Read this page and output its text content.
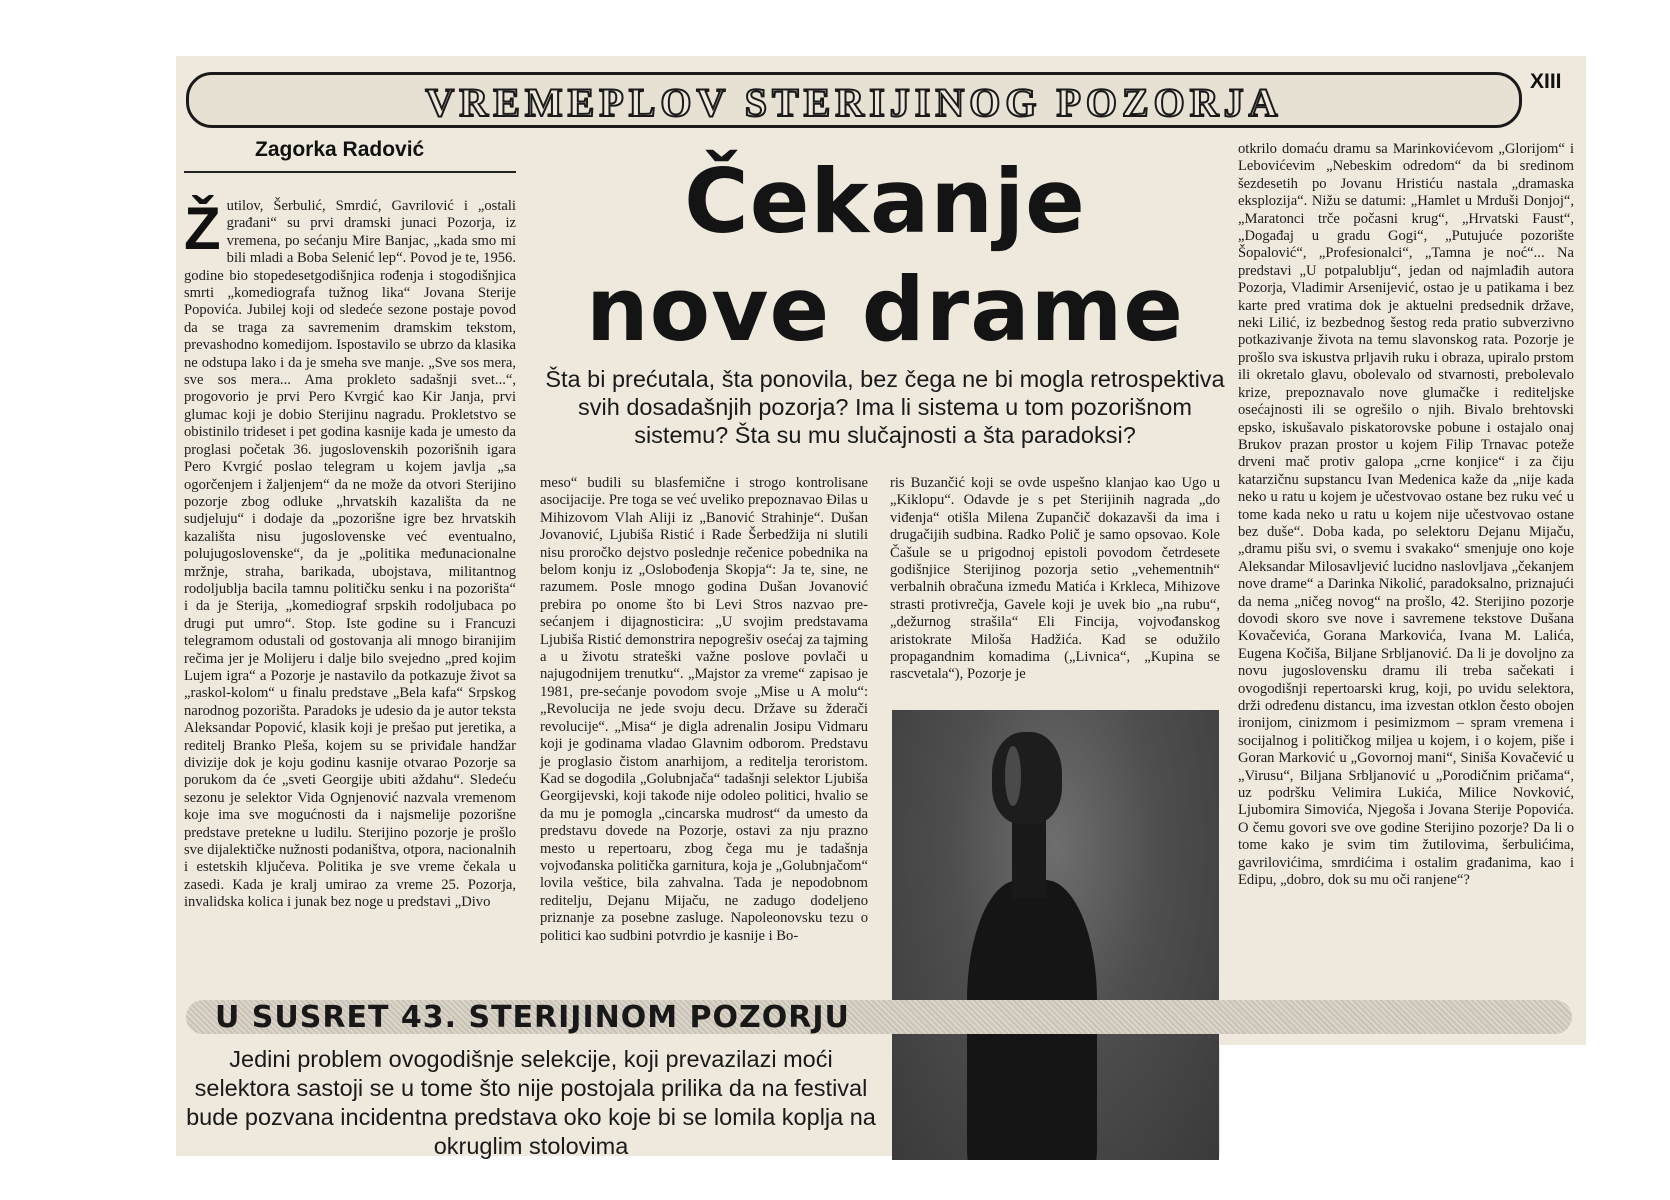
VREMEPLOV STERIJINOG POZORJA	XIII
Zagorka Radović
Ž utilov, Šerbulić, Smrdić, Gavrilović i „ostali građani“ su prvi dramski junaci Pozorja, iz vremena, po sećanju Mire Banjac, „kada smo mi bili mladi a Boba Selenić lep“. Povod je te, 1956. godine bio stopedesetgodišnjica rođenja i stogodišnjica smrti „komediografa tužnog lika“ Jovana Sterije Popovića. Jubilej koji od sledeće sezone postaje povod da se traga za savremenim dramskim tekstom, prevashodno komedijom. Ispostavilo se ubrzo da klasika ne odstupa lako i da je smeha sve manje. „Sve sos mera, sve sos mera... Ama prokleto sadašnji svet...“, progovorio je prvi Pero Kvrgić kao Kir Janja, prvi glumac koji je dobio Sterijinu nagradu. Prokletstvo se obistinilo trideset i pet godina kasnije kada je umesto da proglasi početak 36. jugoslovenskih pozorišnih igara Pero Kvrgić poslao telegram u kojem javlja „sa ogorčenjem i žaljenjem“ da ne može da otvori Sterijino pozorje zbog odluke „hrvatskih kazališta da ne sudjeluju“ i dodaje da „pozorišne igre bez hrvatskih kazališta nisu jugoslovenske već eventualno, polujugoslovenske“, da je „politika međunacionalne mržnje, straha, barikada, ubojstava, militantnog rodoljublja bacila tamnu političku senku i na pozorišta“ i da je Sterija, „komediograf srpskih rodoljubaca po drugi put umro“. Stop. Iste godine su i Francuzi telegramom odustali od gostovanja ali mnogo biranijim rečima jer je Molijeru i dalje bilo svejedno „pred kojim Lujem igra“ a Pozorje je nastavilo da potkazuje život sa „raskol-kolom“ u finalu predstave „Bela kafa“ Srpskog narodnog pozorišta. Paradoks je udesio da je autor teksta Aleksandar Popović, klasik koji je prešao put jeretika, a reditelj Branko Pleša, kojem su se priviđale handžar divizije dok je koju godinu kasnije otvarao Pozorje sa porukom da će „sveti Georgije ubiti aždahu“. Sledeću sezonu je selektor Vida Ognjenović nazvala vremenom koje ima sve mogućnosti da i najsmelije pozorišne predstave pretekne u ludilu. Sterijino pozorje je prošlo sve dijalektičke nužnosti podaništva, otpora, nacionalnih i estetskih ključeva. Politika je sve vreme čekala u zasedi. Kada je kralj umirao za vreme 25. Pozorja, invalidska kolica i junak bez noge u predstavi „Divo
Čekanje
nove drame
Šta bi prećutala, šta ponovila, bez čega ne bi mogla retrospektiva svih dosadašnjih pozorja? Ima li sistema u tom pozorišnom sistemu? Šta su mu slučajnosti a šta paradoksi?
meso“ budili su blasfemične i strogo kontrolisane asocijacije. Pre toga se već uveliko prepoznavao Đilas u Mihizovom Vlah Aliji iz „Banović Strahinje“. Dušan Jovanović, Ljubiša Ristić i Rade Šerbedžija ni slutili nisu proročko dejstvo poslednje rečenice pobednika na belom konju iz „Oslobođenja Skopja“: Ja te, sine, ne razumem. Posle mnogo godina Dušan Jovanović prebira po onome što bi Levi Stros nazvao pre-sećanjem i dijagnosticira: „U svojim predstavama Ljubiša Ristić demonstrira nepogrešiv osećaj za tajming a u životu strateški važne poslove povlači u najugodnijem trenutku“. „Majstor za vreme“ zapisao je 1981, pre-sećanje povodom svoje „Mise u A molu“: „Revolucija ne jede svoju decu. Države su žderači revolucije“. „Misa“ je digla adrenalin Josipu Vidmaru koji je godinama vladao Glavnim odborom. Predstavu je proglasio čistom anarhijom, a reditelja teroristom. Kad se dogodila „Golubnjača“ tadašnji selektor Ljubiša Georgijevski, koji takođe nije odoleo politici, hvalio se da mu je pomogla „cincarska mudrost“ da umesto da predstavu dovede na Pozorje, ostavi za nju prazno mesto u repertoaru, zbog čega mu je tadašnja vojvođanska politička garnitura, koja je „Golubnjačom“ lovila veštice, bila zahvalna. Tada je nepodobnom reditelju, Dejanu Mijaču, ne zadugo dodeljeno priznanje za posebne zasluge. Napoleonovsku tezu o politici kao sudbini potvrdio je kasnije i Bo-
ris Buzančić koji se ovde uspešno klanjao kao Ugo u „Kiklopu“. Odavde je s pet Sterijinih nagrada „do viđenja“ otišla Milena Zupančič dokazavši da ima i drugačijih sudbina. Radko Polič je samo opsovao. Kole Čašule se u prigodnoj epistoli povodom četrdesete godišnjice Sterijinog pozorja setio „vehementnih“ verbalnih obračuna između Matića i Krkleca, Mihizove strasti protivrečja, Gavele koji je uvek bio „na rubu“, „dežurnog strašila“ Eli Fincija, vojvođanskog aristokrate Miloša Hadžića. Kad se odužilo propagandnim komadima („Livnica“, „Kupina se rascvetala“), Pozorje je
otkrilo domaću dramu sa Marinkovićevom „Glorijom“ i Lebovićevim „Nebeskim odredom“ da bi sredinom šezdesetih po Jovanu Hristiću nastala „dramaska eksplozija“. Nižu se datumi: „Hamlet u Mrduši Donjoj“, „Maratonci trče počasni krug“, „Hrvatski Faust“, „Događaj u gradu Gogi“, „Putujuće pozorište Šopalović“, „Profesionalci“, „Tamna je noć“... Na predstavi „U potpalublju“, jedan od najmlađih autora Pozorja, Vladimir Arsenijević, ostao je u patikama i bez karte pred vratima dok je aktuelni predsednik države, neki Lilić, iz bezbednog šestog reda pratio subverzivno potkazivanje života na temu slavonskog rata. Pozorje je prošlo sva iskustva prljavih ruku i obraza, upiralo prstom ili okretalo glavu, obolevalo od stvarnosti, prebolevalo krize, prepoznavalo nove glumačke i rediteljske osećajnosti ili se ogrešilo o njih. Bivalo brehtovski epsko, iskušavalo piskatorovske pobune i ostajalo onaj Brukov prazan prostor u kojem Filip Trnavac poteže drveni mač protiv galopa „crne konjice“ i za čiju katarzičnu supstancu Ivan Medenica kaže da „nije kada neko u ratu u kojem je učestvovao ostane bez ruku već u tome kada neko u ratu u kojem nije učestvovao ostane bez duše“. Doba kada, po selektoru Dejanu Mijaču, „dramu pišu svi, o svemu i svakako“ smenjuje ono koje Aleksandar Milosavljević lucidno naslovljava „čekanjem nove drame“ a Darinka Nikolić, paradoksalno, priznajući da nema „ničeg novog“ na prošlo, 42. Sterijino pozorje dovodi skoro sve nove i savremene tekstove Dušana Kovačevića, Gorana Markovića, Ivana M. Lalića, Eugena Kočiša, Biljane Srbljanović. Da li je dovoljno za novu jugoslovensku dramu ili treba sačekati i ovogodišnji repertoarski krug, koji, po uvidu selektora, drži određenu distancu, ima izvestan otklon često obojen ironijom, cinizmom i pesimizmom – spram vremena i socijalnog i političkog milјea u kojem, i o kojem, piše i Goran Marković u „Govornoj mani“, Siniša Kovačević u „Virusu“, Biljana Srbljanović u „Porodičnim pričama“, uz podršku Velimira Lukića, Milice Novković, Ljubomira Simovića, Njegoša i Jovana Sterije Popovića. O čemu govori sve ove godine Sterijino pozorje? Da li o tome kako je svim tim žutilovima, šerbulićima, gavrilovićima, smrdićima i ostalim građanima, kao i Edipu, „dobro, dok su mu oči ranjene“?
U SUSRET 43. STERIJINOM POZORJU
Jedini problem ovogodišnje selekcije, koji prevazilazi moći selektora sastoji se u tome što nije postojala prilika da na festival bude pozvana incidentna predstava oko koje bi se lomila koplja na okruglim stolovima
